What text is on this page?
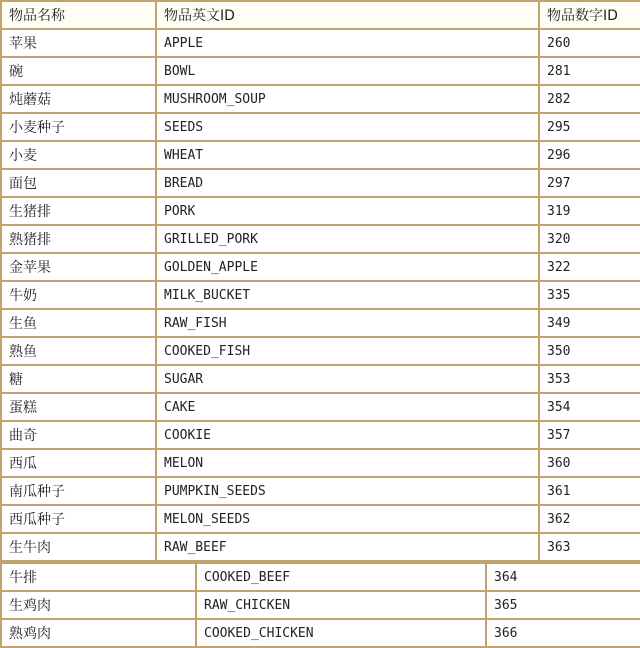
物品名称	物品英文ID	物品数字ID
苹果	APPLE	260
碗	BOWL	281
炖蘑菇	MUSHROOM_SOUP	282
小麦种子	SEEDS	295
小麦	WHEAT	296
面包	BREAD	297
生猪排	PORK	319
熟猪排	GRILLED_PORK	320
金苹果	GOLDEN_APPLE	322
牛奶	MILK_BUCKET	335
生鱼	RAW_FISH	349
熟鱼	COOKED_FISH	350
糖	SUGAR	353
蛋糕	CAKE	354
曲奇	COOKIE	357
西瓜	MELON	360
南瓜种子	PUMPKIN_SEEDS	361
西瓜种子	MELON_SEEDS	362
生牛肉	RAW_BEEF	363
牛排	COOKED_BEEF	364
生鸡肉	RAW_CHICKEN	365
熟鸡肉	COOKED_CHICKEN	366
